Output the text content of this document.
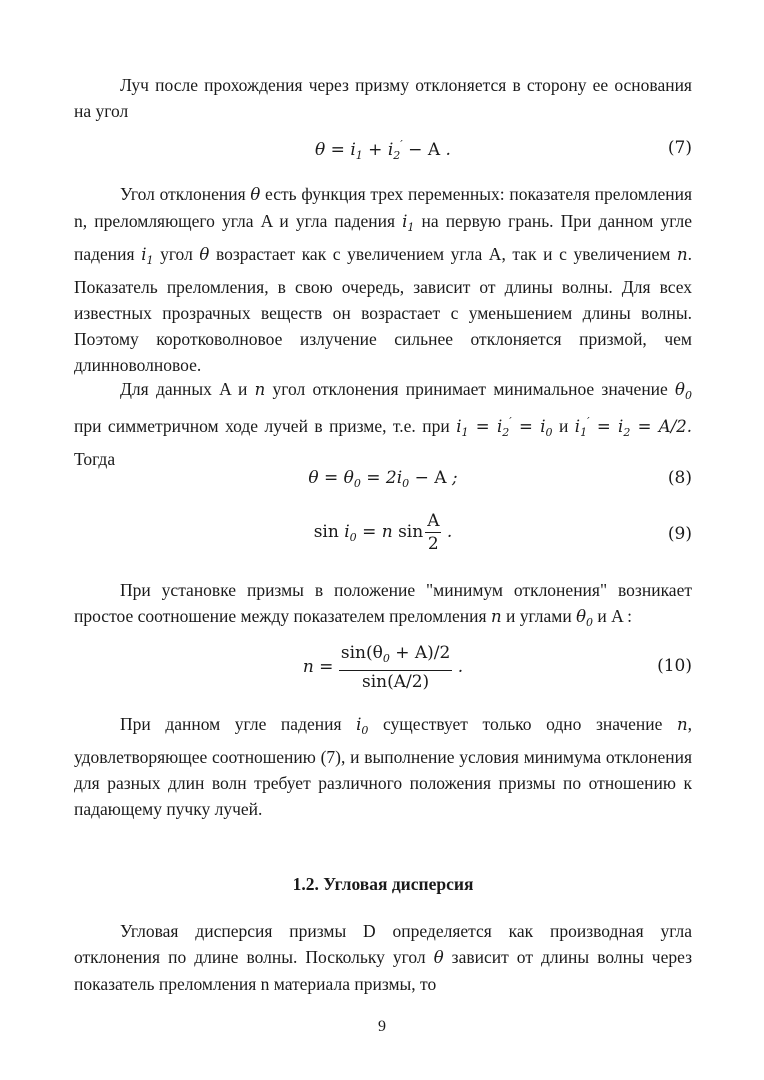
Луч после прохождения через призму отклоняется в сторону ее основания на угол

$\theta = i_1 + i_2' - A$ .	(7)

Угол отклонения θ есть функция трех переменных: показателя преломления n, преломляющего угла A и угла падения $i_1$ на первую грань. При данном угле падения $i_1$ угол θ возрастает как с увеличением угла A, так и с увеличением n. Показатель преломления, в свою очередь, зависит от длины волны. Для всех известных прозрачных веществ он возрастает с уменьшением длины волны. Поэтому коротковолновое излучение сильнее отклоняется призмой, чем длинноволновое.

Для данных A и n угол отклонения принимает минимальное значение $\theta_0$ при симметричном ходе лучей в призме, т.е. при $i_1 = i_2' = i_0$ и $i_1' = i_2 = A/2$. Тогда

$\theta = \theta_0 = 2i_0 - A$ ;	(8)
$\sin i_0 = n$ $\sin \frac{A}{2}$ .	(9)

При установке призмы в положение "минимум отклонения" возникает простое соотношение между показателем преломления n и углами $\theta_0$ и A :

$n = \frac{\sin(\theta_0 + A)/2}{\sin(A/2)}$ .	(10)

При данном угле падения $i_0$ существует только одно значение n, удовлетворяющее соотношению (7), и выполнение условия минимума отклонения для разных длин волн требует различного положения призмы по отношению к падающему пучку лучей.

1.2. Угловая дисперсия

Угловая дисперсия призмы D определяется как производная угла отклонения по длине волны. Поскольку угол θ зависит от длины волны через показатель преломления n материала призмы, то

9
